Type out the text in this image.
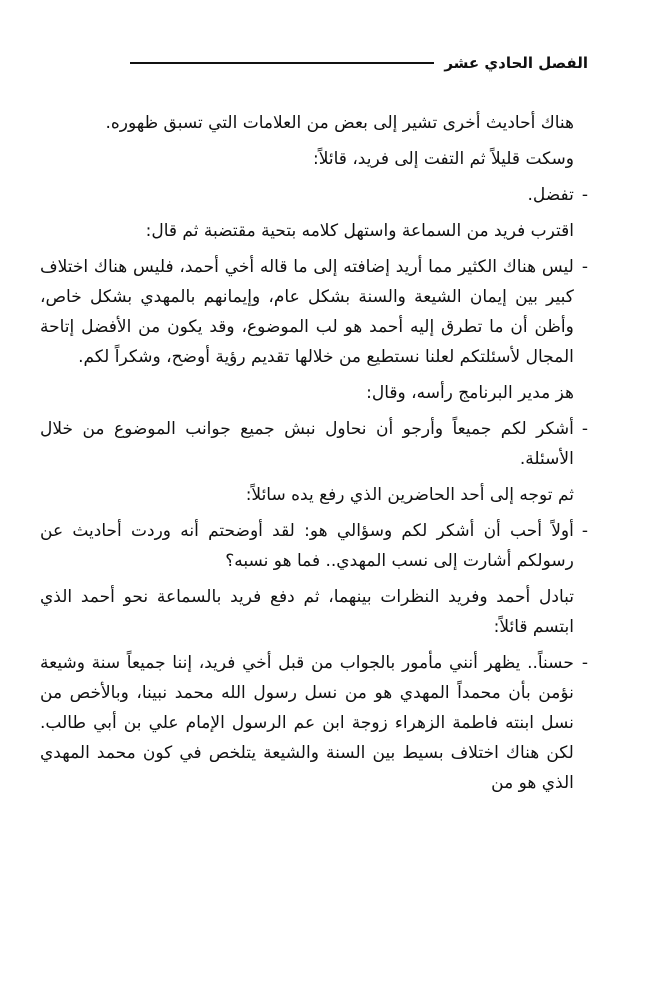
الفصل الحادي عشر

هناك أحاديث أخرى تشير إلى بعض من العلامات التي تسبق ظهوره.

وسكت قليلاً ثم التفت إلى فريد، قائلاً:

-
تفضل.

اقترب فريد من السماعة واستهل كلامه بتحية مقتضبة ثم قال:

-
ليس هناك الكثير مما أريد إضافته إلى ما قاله أخي أحمد، فليس هناك اختلاف كبير بين إيمان الشيعة والسنة بشكل عام، وإيمانهم بالمهدي بشكل خاص، وأظن أن ما تطرق إليه أحمد هو لب الموضوع، وقد يكون من الأفضل إتاحة المجال لأسئلتكم لعلنا نستطيع من خلالها تقديم رؤية أوضح، وشكراً لكم.

هز مدير البرنامج رأسه، وقال:

-
أشكر لكم جميعاً وأرجو أن نحاول نبش جميع جوانب الموضوع من خلال الأسئلة.

ثم توجه إلى أحد الحاضرين الذي رفع يده سائلاً:

-
أولاً أحب أن أشكر لكم وسؤالي هو: لقد أوضحتم أنه وردت أحاديث عن رسولكم أشارت إلى نسب المهدي.. فما هو نسبه؟

تبادل أحمد وفريد النظرات بينهما، ثم دفع فريد بالسماعة نحو أحمد الذي ابتسم قائلاً:

-
حسناً.. يظهر أنني مأمور بالجواب من قبل أخي فريد، إننا جميعاً سنة وشيعة نؤمن بأن محمداً المهدي هو من نسل رسول الله محمد نبينا، وبالأخص من نسل ابنته فاطمة الزهراء زوجة ابن عم الرسول الإمام علي بن أبي طالب. لكن هناك اختلاف بسيط بين السنة والشيعة يتلخص في كون محمد المهدي الذي هو من
